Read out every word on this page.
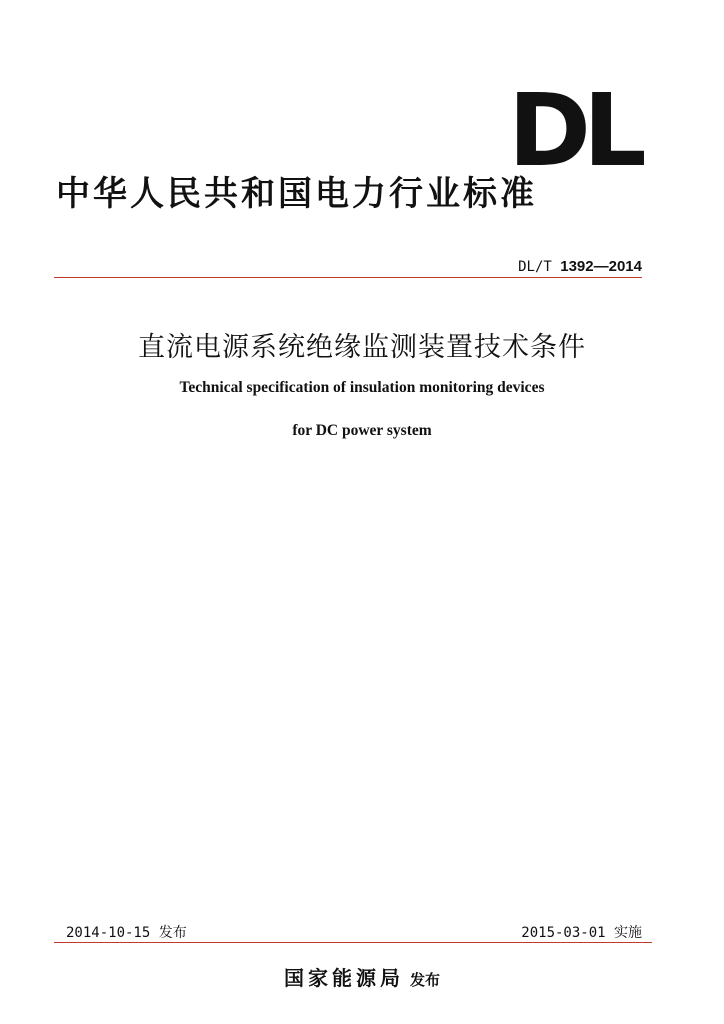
DL
中华人民共和国电力行业标准
DL/T 1392—2014
直流电源系统绝缘监测装置技术条件
Technical specification of insulation monitoring devices
for DC power system
2014-10-15 发布	2015-03-01 实施
国家能源局 发布
